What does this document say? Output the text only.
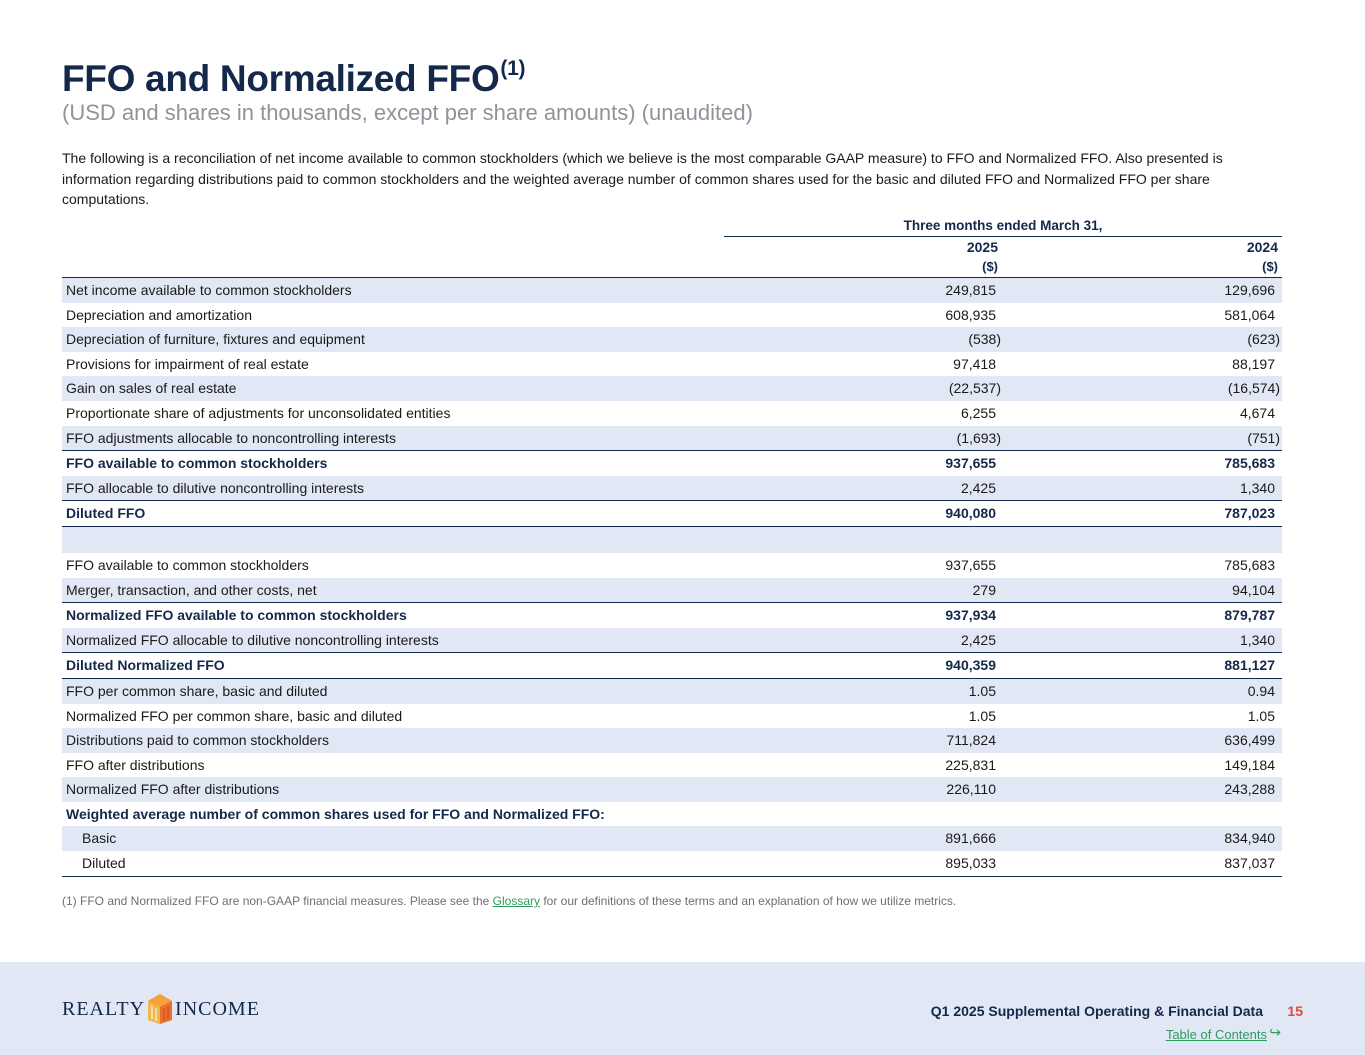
FFO and Normalized FFO$^{(1)}$
(USD and shares in thousands, except per share amounts) (unaudited)
The following is a reconciliation of net income available to common stockholders (which we believe is the most comparable GAAP measure) to FFO and Normalized FFO. Also presented is information regarding distributions paid to common stockholders and the weighted average number of common shares used for the basic and diluted FFO and Normalized FFO per share computations.
Three months ended March 31,
2025	2024
($)	($)
Net income available to common stockholders	249,815	129,696
Depreciation and amortization	608,935	581,064
Depreciation of furniture, fixtures and equipment	(538)	(623)
Provisions for impairment of real estate	97,418	88,197
Gain on sales of real estate	(22,537)	(16,574)
Proportionate share of adjustments for unconsolidated entities	6,255	4,674
FFO adjustments allocable to noncontrolling interests	(1,693)	(751)
FFO available to common stockholders	937,655	785,683
FFO allocable to dilutive noncontrolling interests	2,425	1,340
Diluted FFO	940,080	787,023
FFO available to common stockholders	937,655	785,683
Merger, transaction, and other costs, net	279	94,104
Normalized FFO available to common stockholders	937,934	879,787
Normalized FFO allocable to dilutive noncontrolling interests	2,425	1,340
Diluted Normalized FFO	940,359	881,127
FFO per common share, basic and diluted	1.05	0.94
Normalized FFO per common share, basic and diluted	1.05	1.05
Distributions paid to common stockholders	711,824	636,499
FFO after distributions	225,831	149,184
Normalized FFO after distributions	226,110	243,288
Weighted average number of common shares used for FFO and Normalized FFO:
Basic	891,666	834,940
Diluted	895,033	837,037
(1) FFO and Normalized FFO are non-GAAP financial measures. Please see the Glossary for our definitions of these terms and an explanation of how we utilize metrics.
REALTY INCOME	Q1 2025 Supplemental Operating & Financial Data 15
Table of Contents ↪
